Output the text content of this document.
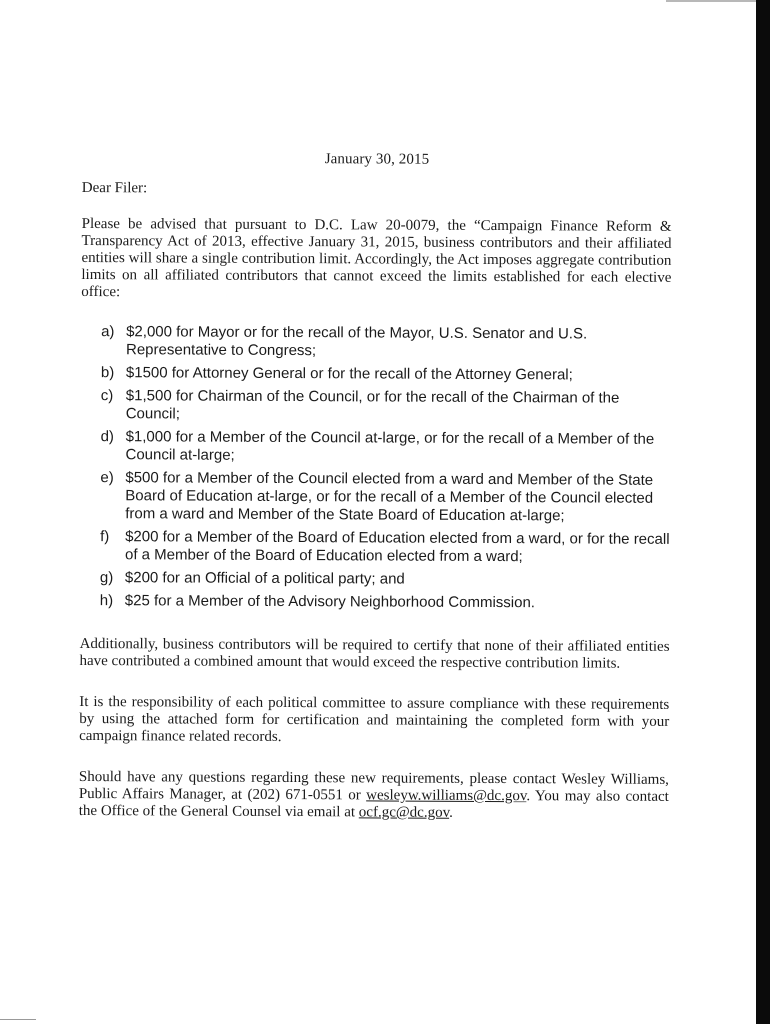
January 30, 2015

Dear Filer:

Please be advised that pursuant to D.C. Law 20-0079, the “Campaign Finance Reform & Transparency Act of 2013, effective January 31, 2015, business contributors and their affiliated entities will share a single contribution limit. Accordingly, the Act imposes aggregate contribution limits on all affiliated contributors that cannot exceed the limits established for each elective office:

a) $2,000 for Mayor or for the recall of the Mayor, U.S. Senator and U.S. Representative to Congress;
b) $1500 for Attorney General or for the recall of the Attorney General;
c) $1,500 for Chairman of the Council, or for the recall of the Chairman of the Council;
d) $1,000 for a Member of the Council at-large, or for the recall of a Member of the Council at-large;
e) $500 for a Member of the Council elected from a ward and Member of the State Board of Education at-large, or for the recall of a Member of the Council elected from a ward and Member of the State Board of Education at-large;
f)	$200 for a Member of the Board of Education elected from a ward, or for the recall of a Member of the Board of Education elected from a ward;
g) $200 for an Official of a political party; and
h) $25 for a Member of the Advisory Neighborhood Commission.

Additionally, business contributors will be required to certify that none of their affiliated entities have contributed a combined amount that would exceed the respective contribution limits.

It is the responsibility of each political committee to assure compliance with these requirements by using the attached form for certification and maintaining the completed form with your campaign finance related records.

Should have any questions regarding these new requirements, please contact Wesley Williams, Public Affairs Manager, at (202) 671-0551 or wesleyw.williams@dc.gov. You may also contact the Office of the General Counsel via email at ocf.gc@dc.gov.
